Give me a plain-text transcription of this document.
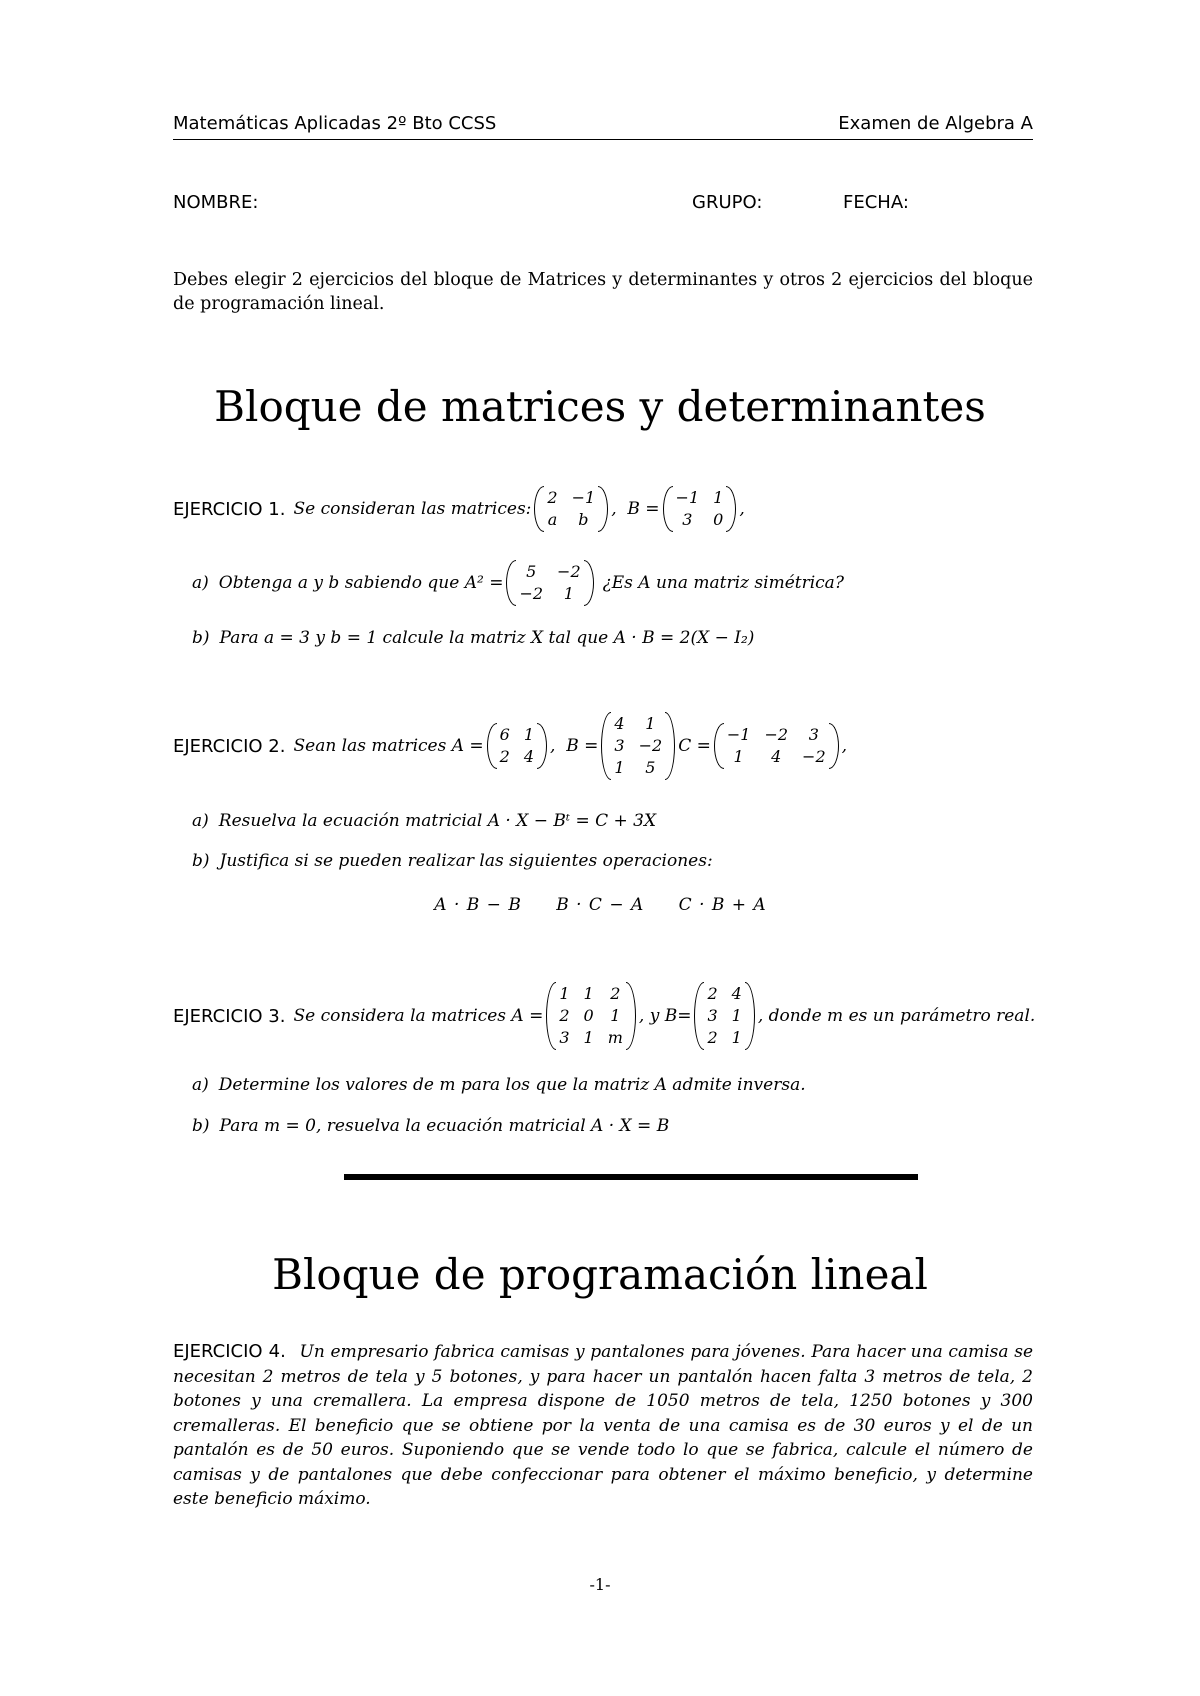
Matemáticas Aplicadas 2º Bto CCSS	Examen de Algebra A
NOMBRE:	GRUPO:	FECHA:
Debes elegir 2 ejercicios del bloque de Matrices y determinantes y otros 2 ejercicios del bloque de programación lineal.
Bloque de matrices y determinantes
EJERCICIO 1. Se consideran las matrices:
2 −1
a	b
, B =
−1 1
3	0
,
a) Obtenga a y b sabiendo que A² =
5	−2
−2	1
¿Es A una matriz simétrica?
b) Para a = 3 y b = 1 calcule la matriz X tal que A · B = 2(X − I₂)
EJERCICIO 2. Sean las matrices A =
6 1
2 4
, B =
4	1
3 −2
1	5
C =
−1 −2	3
1	4	−2
,
a) Resuelva la ecuación matricial A · X − Bᵗ = C + 3X
b) Justifica si se pueden realizar las siguientes operaciones:
A · B − B B · C − A C · B + A
EJERCICIO 3. Se considera la matrices A =
1 1 2
2 0 1
3 1 m
, y B=
2 4
3 1
2 1
, donde m es un parámetro real.
a) Determine los valores de m para los que la matriz A admite inversa.
b) Para m = 0, resuelva la ecuación matricial A · X = B
Bloque de programación lineal
EJERCICIO 4. Un empresario fabrica camisas y pantalones para jóvenes. Para hacer una camisa se necesitan 2 metros de tela y 5 botones, y para hacer un pantalón hacen falta 3 metros de tela, 2 botones y una cremallera. La empresa dispone de 1050 metros de tela, 1250 botones y 300 cremalleras. El beneficio que se obtiene por la venta de una camisa es de 30 euros y el de un pantalón es de 50 euros. Suponiendo que se vende todo lo que se fabrica, calcule el número de camisas y de pantalones que debe confeccionar para obtener el máximo beneficio, y determine este beneficio máximo.
-1-
